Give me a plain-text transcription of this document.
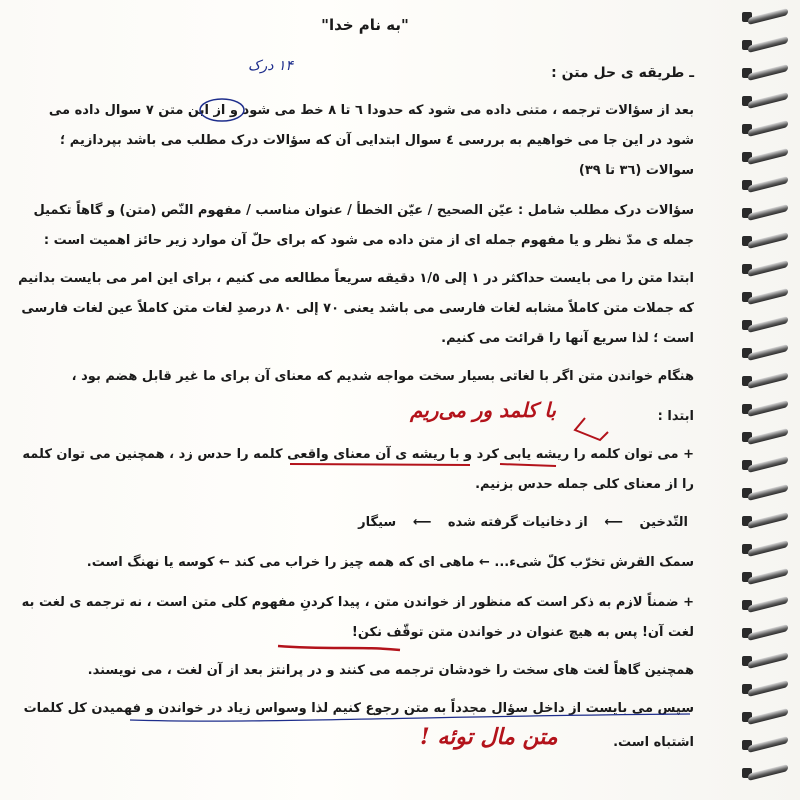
"به نام خدا"
۱۴ درک	ـ طریقه ی حل متن :
بعد از سؤالات ترجمه ، متنی داده می شود که حدودا ٦ تا ٨ خط می شود و از این متن ٧ سوال داده می
شود در این جا می خواهیم به بررسی ٤ سوال ابتدایی آن که سؤالات درک مطلب می باشد بپردازیم ؛
سوالات (٣٦ تا ٣٩)
سؤالات درک مطلب شامل : عیّن الصحیح / عیّن الخطأ / عنوان مناسب / مفهوم النّص (متن) و گاهاً تکمیل
جمله ی مدّ نظر و یا مفهوم جمله ای از متن داده می شود که برای حلّ آن موارد زیر حائز اهمیت است :
ابتدا متن را می بایست حداکثر در ١ إلی ١/٥ دقیقه سریعاً مطالعه می کنیم ، برای این امر می بایست بدانیم
که جملات متن کاملاً مشابه لغات فارسی می باشد یعنی ٧٠ إلی ٨٠ درصدِ لغات متن کاملاً عین لغات فارسی
است ؛ لذا سریع آنها را قرائت می کنیم.
هنگام خواندن متن اگر با لغاتی بسیار سخت مواجه شدیم که معنای آن برای ما غیر قابل هضم بود ،
ابتدا :
با کلمد ور می‌ریم
+ می توان کلمه را ریشه یابی کرد و با ریشه ی آن معنای واقعی کلمه را حدس زد ، همچنین می توان کلمه
را از معنای کلی جمله حدس بزنیم.
التّدخین ⟵ از دخانیات گرفته شده ⟵ سیگار
سمک القرش تخرّب کلّ شیء... ← ماهی ای که همه چیز را خراب می کند ← کوسه یا نهنگ است.
+ ضمناً لازم به ذکر است که منظور از خواندن متن ، پیدا کردنِ مفهوم کلی متن است ، نه ترجمه ی لغت به
لغت آن! پس به هیچ عنوان در خواندن متن توقّف نکن!
همچنین گاهاً لغت های سخت را خودشان ترجمه می کنند و در پرانتز بعد از آن لغت ، می نویسند.
سپس می بایست از داخل سؤال مجدداً به متن رجوع کنیم لذا وسواس زیاد در خواندن و فهمیدن کل کلمات
اشتباه است.
متن مال توئه !
